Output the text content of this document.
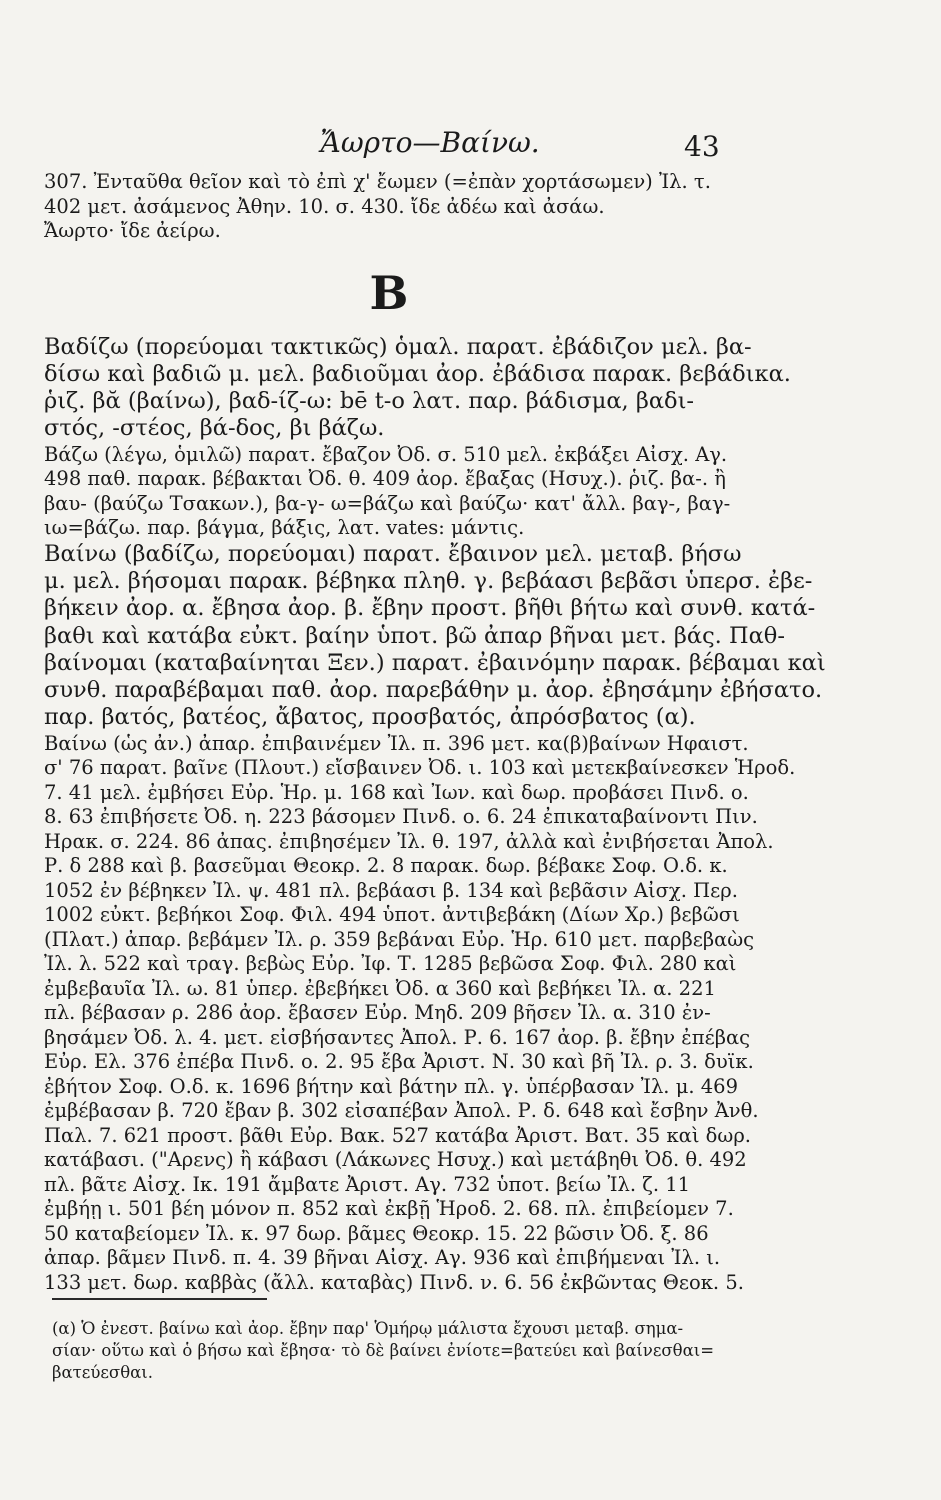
Ἄωρτο—Βαίνω.	43
307. Ἐνταῦθα θεῖον καὶ τὸ ἐπὶ χ' ἔωμεν (=ἐπὰν χορτάσωμεν) Ἰλ. τ.
402 μετ. ἀσάμενος Ἀθην. 10. σ. 430. ἴδε ἀδέω καὶ ἀσάω.
Ἄωρτο· ἴδε ἀείρω.
Β
Βαδίζω (πορεύομαι τακτικῶς) ὁμαλ. παρατ. ἐβάδιζον μελ. βα-
δίσω καὶ βαδιῶ μ. μελ. βαδιοῦμαι ἀορ. ἐβάδισα παρακ. βεβάδικα.
ῥιζ. βᾰ (βαίνω), βαδ-ίζ-ω: bē t-o λατ. παρ. βάδισμα, βαδι-
στός, -στέος, βά-δος, βι βάζω.
Βάζω (λέγω, ὁμιλῶ) παρατ. ἔβαζον Ὀδ. σ. 510 μελ. ἐκβάξει Αἰσχ. Αγ.
498 παθ. παρακ. βέβακται Ὀδ. θ. 409 ἀορ. ἔβαξας (Ησυχ.). ῥιζ. βα-. ἢ
βαυ- (βαύζω Τσακων.), βα-γ- ω=βάζω καὶ βαύζω· κατ' ἄλλ. βαγ-, βαγ-
ιω=βάζω. παρ. βάγμα, βάξις, λατ. vates: μάντις.
Βαίνω (βαδίζω, πορεύομαι) παρατ. ἔβαινον μελ. μεταβ. βήσω
μ. μελ. βήσομαι παρακ. βέβηκα πληθ. γ. βεβάασι βεβᾶσι ὑπερσ. ἐβε-
βήκειν ἀορ. α. ἔβησα ἀορ. β. ἔβην προστ. βῆθι βήτω καὶ συνθ. κατά-
βαθι καὶ κατάβα εὐκτ. βαίην ὑποτ. βῶ ἀπαρ βῆναι μετ. βάς. Παθ-
βαίνομαι (καταβαίνηται Ξεν.) παρατ. ἐβαινόμην παρακ. βέβαμαι καὶ
συνθ. παραβέβαμαι παθ. ἀορ. παρεβάθην μ. ἀορ. ἐβησάμην ἐβήσατο.
παρ. βατός, βατέος, ἄβατος, προσβατός, ἀπρόσβατος (α).
Βαίνω (ὡς ἀν.) ἀπαρ. ἐπιβαινέμεν Ἰλ. π. 396 μετ. κα(β)βαίνων Ηφαιστ.
σ' 76 παρατ. βαῖνε (Πλουτ.) εἴσβαινεν Ὀδ. ι. 103 καὶ μετεκβαίνεσκεν Ἡροδ.
7. 41 μελ. ἐμβήσει Εὐρ. Ἡρ. μ. 168 καὶ Ἰων. καὶ δωρ. προβάσει Πινδ. ο.
8. 63 ἐπιβήσετε Ὀδ. η. 223 βάσομεν Πινδ. ο. 6. 24 ἐπικαταβαίνοντι Πιν.
Ηρακ. σ. 224. 86 ἀπας. ἐπιβησέμεν Ἰλ. θ. 197, ἀλλὰ καὶ ἐνιβήσεται Ἀπολ.
Ρ. δ 288 καὶ β. βασεῦμαι Θεοκρ. 2. 8 παρακ. δωρ. βέβακε Σοφ. Ο.δ. κ.
1052 ἐν βέβηκεν Ἰλ. ψ. 481 πλ. βεβάασι β. 134 καὶ βεβᾶσιν Αἰσχ. Περ.
1002 εὐκτ. βεβήκοι Σοφ. Φιλ. 494 ὑποτ. ἀντιβεβάκη (Δίων Χρ.) βεβῶσι
(Πλατ.) ἀπαρ. βεβάμεν Ἰλ. ρ. 359 βεβάναι Εὐρ. Ἡρ. 610 μετ. παρβεβαὼς
Ἰλ. λ. 522 καὶ τραγ. βεβὼς Εὐρ. Ἰφ. Τ. 1285 βεβῶσα Σοφ. Φιλ. 280 καὶ
ἐμβεβαυῖα Ἰλ. ω. 81 ὑπερ. ἐβεβήκει Ὀδ. α 360 καὶ βεβήκει Ἰλ. α. 221
πλ. βέβασαν ρ. 286 ἀορ. ἔβασεν Εὐρ. Μηδ. 209 βῆσεν Ἰλ. α. 310 ἐν-
βησάμεν Ὀδ. λ. 4. μετ. εἰσβήσαντες Ἀπολ. Ρ. 6. 167 ἀορ. β. ἔβην ἐπέβας
Εὐρ. Ελ. 376 ἐπέβα Πινδ. ο. 2. 95 ἔβα Ἀριστ. Ν. 30 καὶ βῆ Ἰλ. ρ. 3. δυϊκ.
ἐβήτον Σοφ. Ο.δ. κ. 1696 βήτην καὶ βάτην πλ. γ. ὑπέρβασαν Ἰλ. μ. 469
ἐμβέβασαν β. 720 ἔβαν β. 302 εἰσαπέβαν Ἀπολ. Ρ. δ. 648 καὶ ἔσβην Ἀνθ.
Παλ. 7. 621 προστ. βᾶθι Εὐρ. Βακ. 527 κατάβα Ἀριστ. Βατ. 35 καὶ δωρ.
κατάβασι. ("Αρενς) ἢ κάβασι (Λάκωνες Ησυχ.) καὶ μετάβηθι Ὀδ. θ. 492
πλ. βᾶτε Αἰσχ. Ικ. 191 ἄμβατε Ἀριστ. Αγ. 732 ὑποτ. βείω Ἰλ. ζ. 11
ἐμβήῃ ι. 501 βέη μόνον π. 852 καὶ ἐκβῇ Ἡροδ. 2. 68. πλ. ἐπιβείομεν 7.
50 καταβείομεν Ἰλ. κ. 97 δωρ. βᾶμες Θεοκρ. 15. 22 βῶσιν Ὀδ. ξ. 86
ἀπαρ. βᾶμεν Πινδ. π. 4. 39 βῆναι Αἰσχ. Αγ. 936 καὶ ἐπιβήμεναι Ἰλ. ι.
133 μετ. δωρ. καββὰς (ἄλλ. καταβὰς) Πινδ. ν. 6. 56 ἐκβῶντας Θεοκ. 5.
(α) Ὁ ἐνεστ. βαίνω καὶ ἀορ. ἔβην παρ' Ὁμήρῳ μάλιστα ἔχουσι μεταβ. σημα-
σίαν· οὕτω καὶ ὁ βήσω καὶ ἔβησα· τὸ δὲ βαίνει ἐνίοτε=βατεύει καὶ βαίνεσθαι=
βατεύεσθαι.
